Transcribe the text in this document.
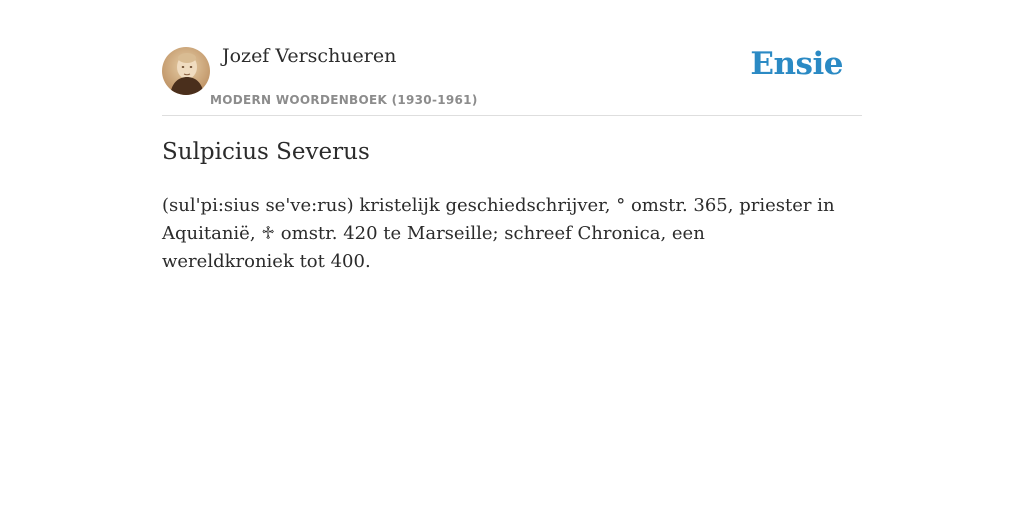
Jozef Verschueren
MODERN WOORDENBOEK (1930-1961)
Ensie
Sulpicius Severus

(sul'pi:sius se've:rus) kristelijk geschiedschrijver, ° omstr. 365, priester in Aquitanië, ♱ omstr. 420 te Marseille; schreef Chronica, een wereldkroniek tot 400.
